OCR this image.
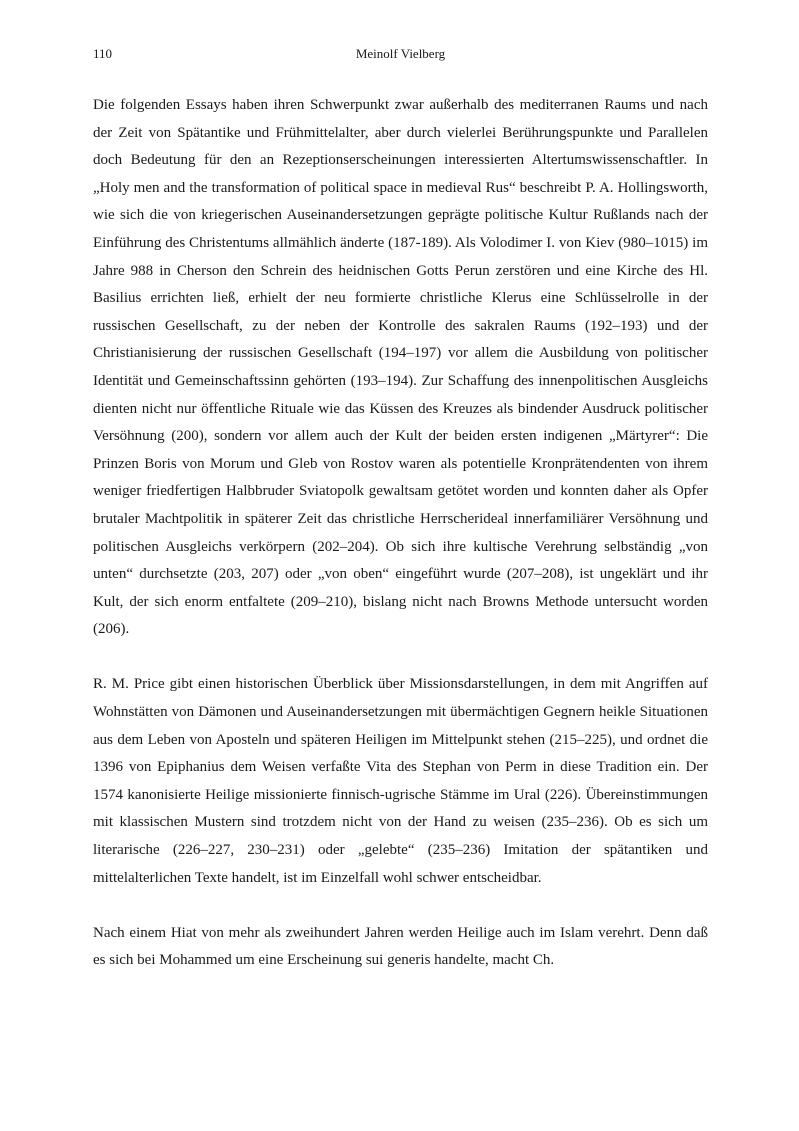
110	Meinolf Vielberg

Die folgenden Essays haben ihren Schwerpunkt zwar außerhalb des mediterranen Raums und nach der Zeit von Spätantike und Frühmittelalter, aber durch vielerlei Berührungspunkte und Parallelen doch Bedeutung für den an Rezeptionserscheinungen interessierten Altertumswissenschaftler. In „Holy men and the transformation of political space in medieval Rus“ beschreibt P. A. Hollingsworth, wie sich die von kriegerischen Auseinandersetzungen geprägte politische Kultur Rußlands nach der Einführung des Christentums allmählich änderte (187-189). Als Volodimer I. von Kiev (980–1015) im Jahre 988 in Cherson den Schrein des heidnischen Gotts Perun zerstören und eine Kirche des Hl. Basilius errichten ließ, erhielt der neu formierte christliche Klerus eine Schlüsselrolle in der russischen Gesellschaft, zu der neben der Kontrolle des sakralen Raums (192–193) und der Christianisierung der russischen Gesellschaft (194–197) vor allem die Ausbildung von politischer Identität und Gemeinschaftssinn gehörten (193–194). Zur Schaffung des innenpolitischen Ausgleichs dienten nicht nur öffentliche Rituale wie das Küssen des Kreuzes als bindender Ausdruck politischer Versöhnung (200), sondern vor allem auch der Kult der beiden ersten indigenen „Märtyrer“: Die Prinzen Boris von Morum und Gleb von Rostov waren als potentielle Kronprätendenten von ihrem weniger friedfertigen Halbbruder Sviatopolk gewaltsam getötet worden und konnten daher als Opfer brutaler Machtpolitik in späterer Zeit das christliche Herrscherideal innerfamiliärer Versöhnung und politischen Ausgleichs verkörpern (202–204). Ob sich ihre kultische Verehrung selbständig „von unten“ durchsetzte (203, 207) oder „von oben“ eingeführt wurde (207–208), ist ungeklärt und ihr Kult, der sich enorm entfaltete (209–210), bislang nicht nach Browns Methode untersucht worden (206).

R. M. Price gibt einen historischen Überblick über Missionsdarstellungen, in dem mit Angriffen auf Wohnstätten von Dämonen und Auseinandersetzungen mit übermächtigen Gegnern heikle Situationen aus dem Leben von Aposteln und späteren Heiligen im Mittelpunkt stehen (215–225), und ordnet die 1396 von Epiphanius dem Weisen verfaßte Vita des Stephan von Perm in diese Tradition ein. Der 1574 kanonisierte Heilige missionierte finnisch-ugrische Stämme im Ural (226). Übereinstimmungen mit klassischen Mustern sind trotzdem nicht von der Hand zu weisen (235–236). Ob es sich um literarische (226–227, 230–231) oder „gelebte“ (235–236) Imitation der spätantiken und mittelalterlichen Texte handelt, ist im Einzelfall wohl schwer entscheidbar.

Nach einem Hiat von mehr als zweihundert Jahren werden Heilige auch im Islam verehrt. Denn daß es sich bei Mohammed um eine Erscheinung sui generis handelte, macht Ch.
